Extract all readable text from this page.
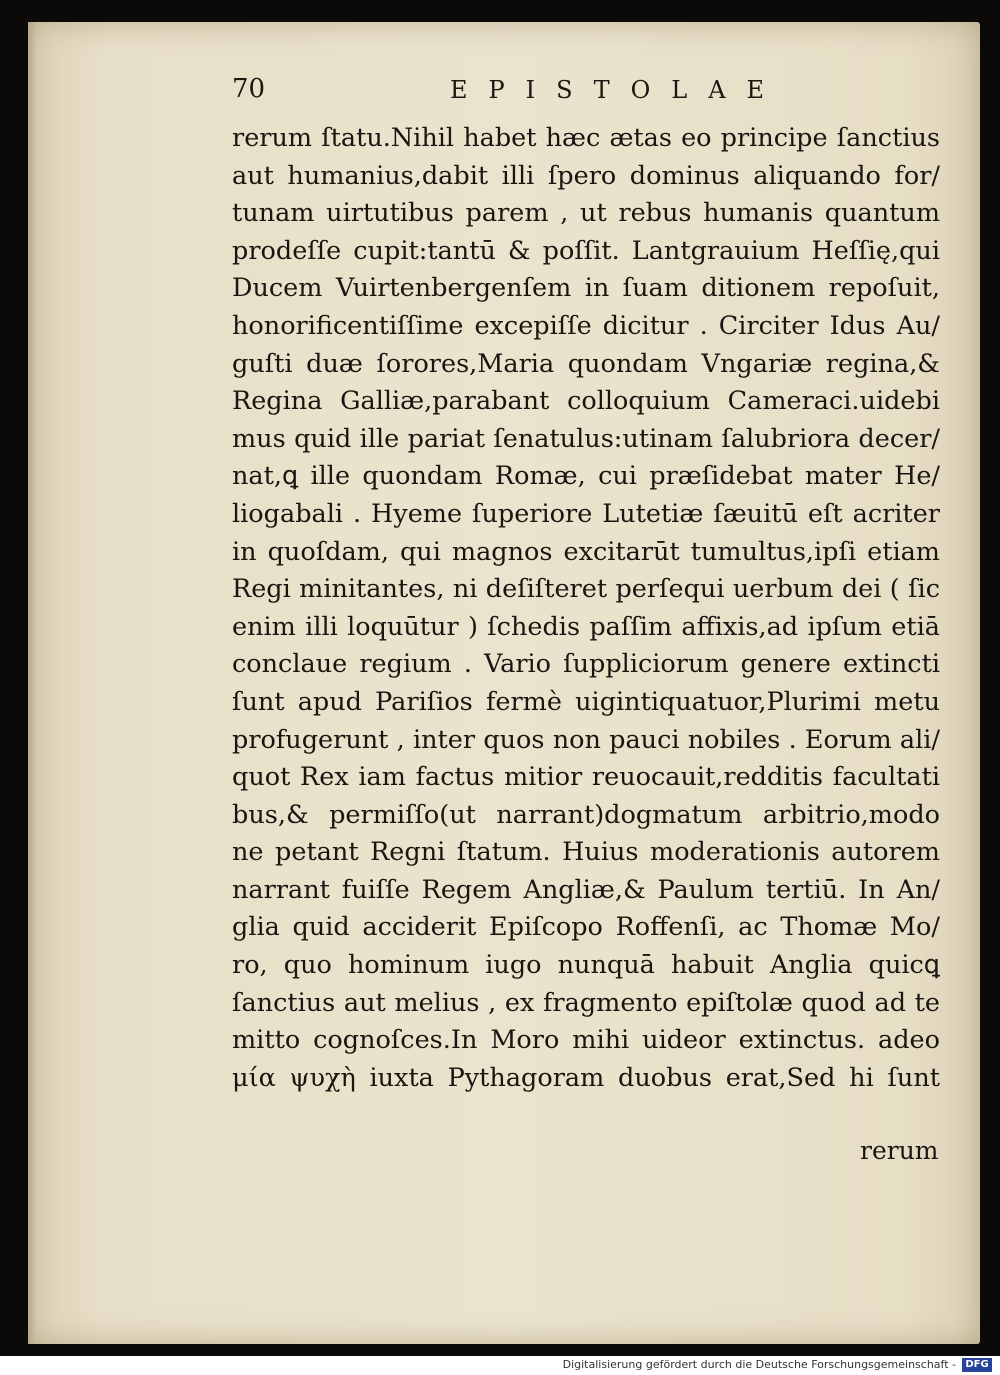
70	EPISTOLAE
rerum ſtatu.Nihil habet hæc ætas eo principe ſanctius
aut humanius,dabit illi ſpero dominus aliquando for/
tunam uirtutibus parem , ut rebus humanis quantum
prodeſſe cupit:tantū & poſſit. Lantgrauium Heſſię,qui
Ducem Vuirtenbergenſem in ſuam ditionem repoſuit,
honorificentiſſime excepiſſe dicitur . Circiter Idus Au/
guſti duæ ſorores,Maria quondam Vngariæ regina,&
Regina Galliæ,parabant colloquium Cameraci.uidebi
mus quid ille pariat ſenatulus:utinam ſalubriora decer/
nat,ꝗ ille quondam Romæ, cui præſidebat mater He/
liogabali . Hyeme ſuperiore Lutetiæ ſæuitū eſt acriter
in quoſdam, qui magnos excitarūt tumultus,ipſi etiam
Regi minitantes, ni deſiſteret perſequi uerbum dei ( ſic
enim illi loquūtur ) ſchedis paſſim affixis,ad ipſum etiā
conclaue regium . Vario ſuppliciorum genere extincti
ſunt apud Pariſios fermè uigintiquatuor,Plurimi metu
profugerunt , inter quos non pauci nobiles . Eorum ali/
quot Rex iam factus mitior reuocauit,redditis facultati
bus,& permiſſo(ut narrant)dogmatum arbitrio,modo
ne petant Regni ſtatum. Huius moderationis autorem
narrant fuiſſe Regem Angliæ,& Paulum tertiū. In An/
glia quid acciderit Epiſcopo Roffenſi, ac Thomæ Mo/
ro, quo hominum iugo nunquā habuit Anglia quicꝗ
ſanctius aut melius , ex fragmento epiſtolæ quod ad te
mitto cognoſces.In Moro mihi uideor extinctus. adeo
μία ψυχὴ iuxta Pythagoram duobus erat,Sed hi ſunt
rerum
Digitalisierung gefördert durch die Deutsche Forschungsgemeinschaft - DFG
